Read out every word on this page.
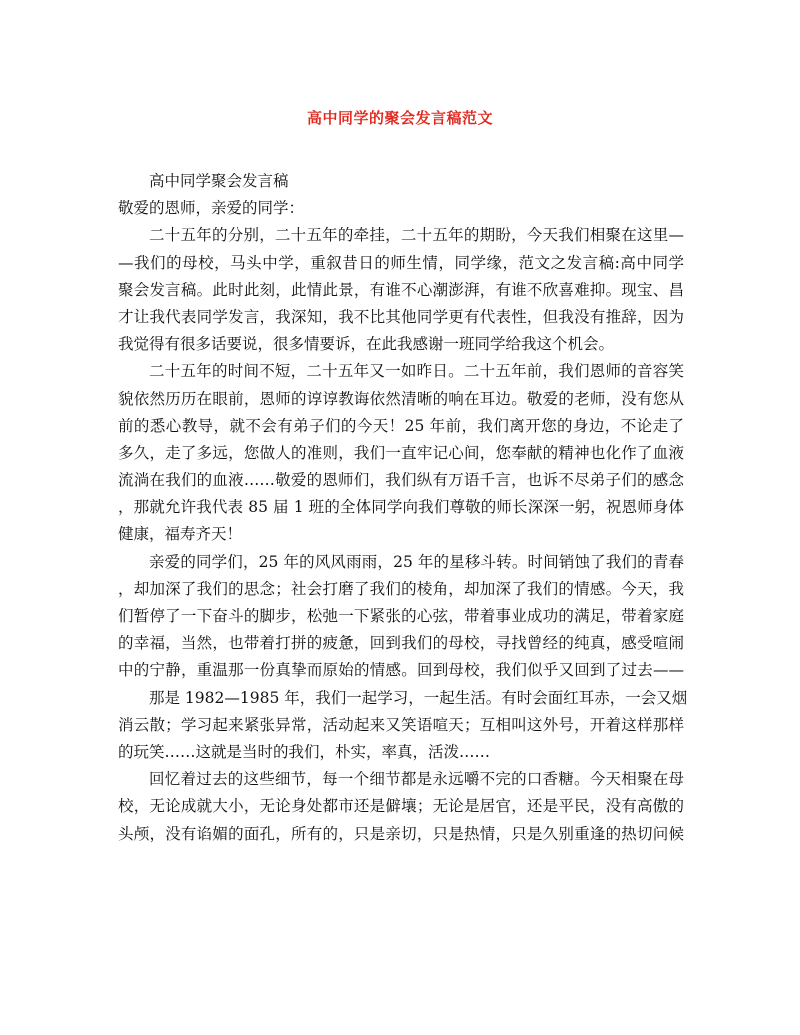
高中同学的聚会发言稿范文
高中同学聚会发言稿
敬爱的恩师，亲爱的同学：
二十五年的分别，二十五年的牵挂，二十五年的期盼，今天我们相聚在这里—
—我们的母校，马头中学，重叙昔日的师生情，同学缘，范文之发言稿:高中同学
聚会发言稿。此时此刻，此情此景，有谁不心潮澎湃，有谁不欣喜难抑。现宝、昌
才让我代表同学发言，我深知，我不比其他同学更有代表性，但我没有推辞，因为
我觉得有很多话要说，很多情要诉，在此我感谢一班同学给我这个机会。
二十五年的时间不短，二十五年又一如昨日。二十五年前，我们恩师的音容笑
貌依然历历在眼前，恩师的谆谆教诲依然清晰的响在耳边。敬爱的老师，没有您从
前的悉心教导，就不会有弟子们的今天！25 年前，我们离开您的身边，不论走了
多久，走了多远，您做人的准则，我们一直牢记心间，您奉献的精神也化作了血液
流淌在我们的血液……敬爱的恩师们，我们纵有万语千言，也诉不尽弟子们的感念
，那就允许我代表 85 届 1 班的全体同学向我们尊敬的师长深深一躬，祝恩师身体
健康，福寿齐天！
亲爱的同学们，25 年的风风雨雨，25 年的星移斗转。时间销蚀了我们的青春
，却加深了我们的思念；社会打磨了我们的棱角，却加深了我们的情感。今天，我
们暂停了一下奋斗的脚步，松弛一下紧张的心弦，带着事业成功的满足，带着家庭
的幸福，当然，也带着打拼的疲惫，回到我们的母校，寻找曾经的纯真，感受喧闹
中的宁静，重温那一份真挚而原始的情感。回到母校，我们似乎又回到了过去——
那是 1982—1985 年，我们一起学习，一起生活。有时会面红耳赤，一会又烟
消云散；学习起来紧张异常，活动起来又笑语喧天；互相叫这外号，开着这样那样
的玩笑……这就是当时的我们，朴实，率真，活泼……
回忆着过去的这些细节，每一个细节都是永远嚼不完的口香糖。今天相聚在母
校，无论成就大小，无论身处都市还是僻壤；无论是居官，还是平民，没有高傲的
头颅，没有谄媚的面孔，所有的，只是亲切，只是热情，只是久别重逢的热切问候
